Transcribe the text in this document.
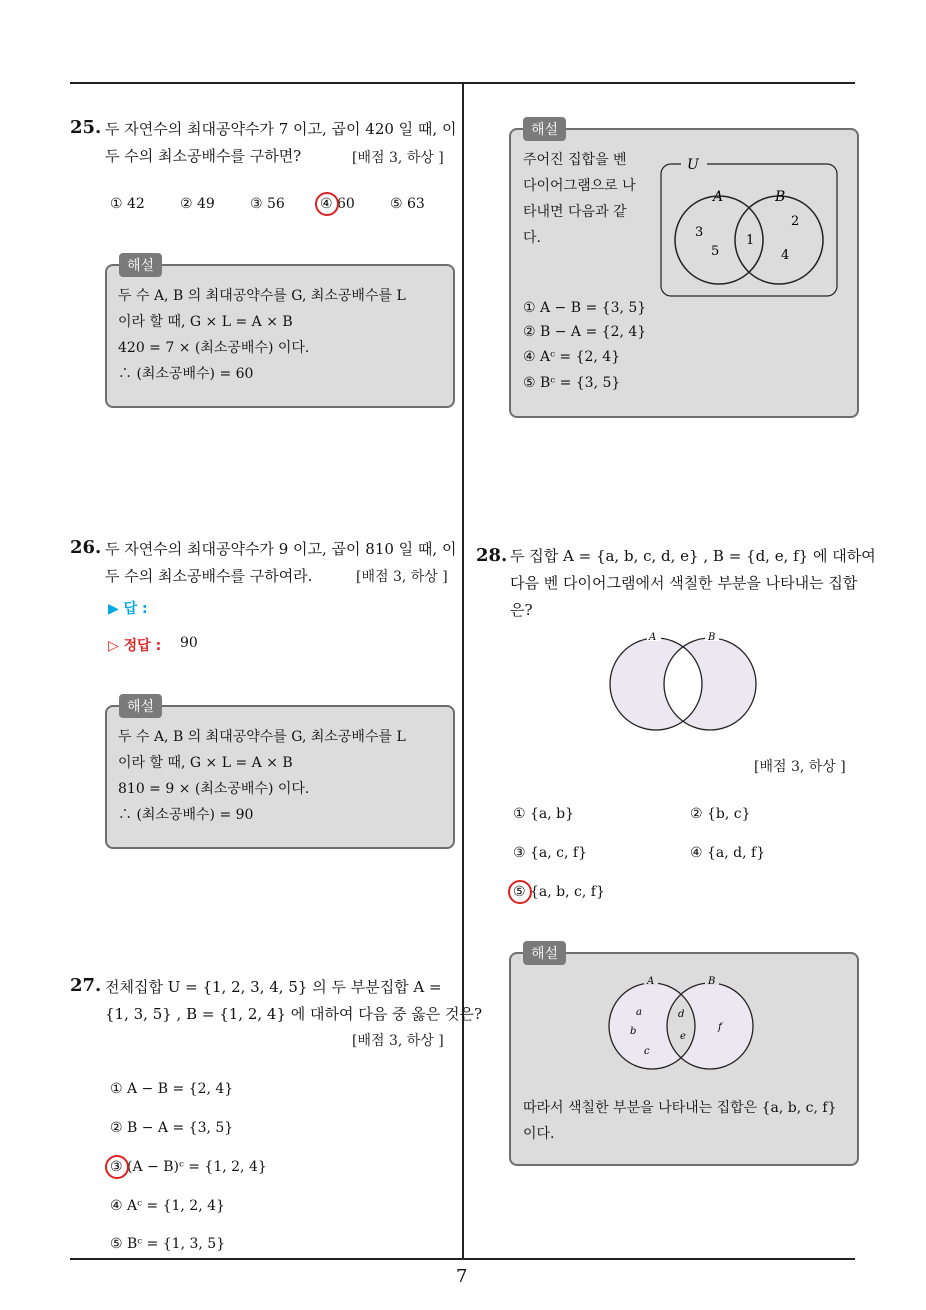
7
25. 두 자연수의 최대공약수가 7 이고, 곱이 420 일 때, 이
두 수의 최소공배수를 구하면?	[배점 3, 하상 ]
① 42	② 49	③ 56	④ 60	⑤ 63
해설
두 수 A, B 의 최대공약수를 G, 최소공배수를 L
이라 할 때, G × L = A × B
420 = 7 × (최소공배수) 이다.
∴ (최소공배수) = 60
26. 두 자연수의 최대공약수가 9 이고, 곱이 810 일 때, 이
두 수의 최소공배수를 구하여라.	[배점 3, 하상 ]
▶ 답 :
▷ 정답 : 90
해설
두 수 A, B 의 최대공약수를 G, 최소공배수를 L
이라 할 때, G × L = A × B
810 = 9 × (최소공배수) 이다.
∴ (최소공배수) = 90
27. 전체집합 U = {1, 2, 3, 4, 5} 의 두 부분집합 A =
{1, 3, 5} , B = {1, 2, 4} 에 대하여 다음 중 옳은 것은?
[배점 3, 하상 ]
① A − B = {2, 4}
② B − A = {3, 5}
③ (A − B)ᶜ = {1, 2, 4}
④ Aᶜ = {1, 2, 4}
⑤ Bᶜ = {1, 3, 5}
해설
주어진 집합을 벤
다이어그램으로 나
타내면 다음과 같
다.
U
A	B
3
5
1
2
4
① A − B = {3, 5}
② B − A = {2, 4}
④ Aᶜ = {2, 4}
⑤ Bᶜ = {3, 5}
28. 두 집합 A = {a, b, c, d, e} , B = {d, e, f} 에 대하여
다음 벤 다이어그램에서 색칠한 부분을 나타내는 집합
은?
A	B
[배점 3, 하상 ]
① {a, b}	② {b, c}
③ {a, c, f}	④ {a, d, f}
⑤ {a, b, c, f}
해설
A	B
a
b
c
d
e
f
따라서 색칠한 부분을 나타내는 집합은 {a, b, c, f}
이다.
